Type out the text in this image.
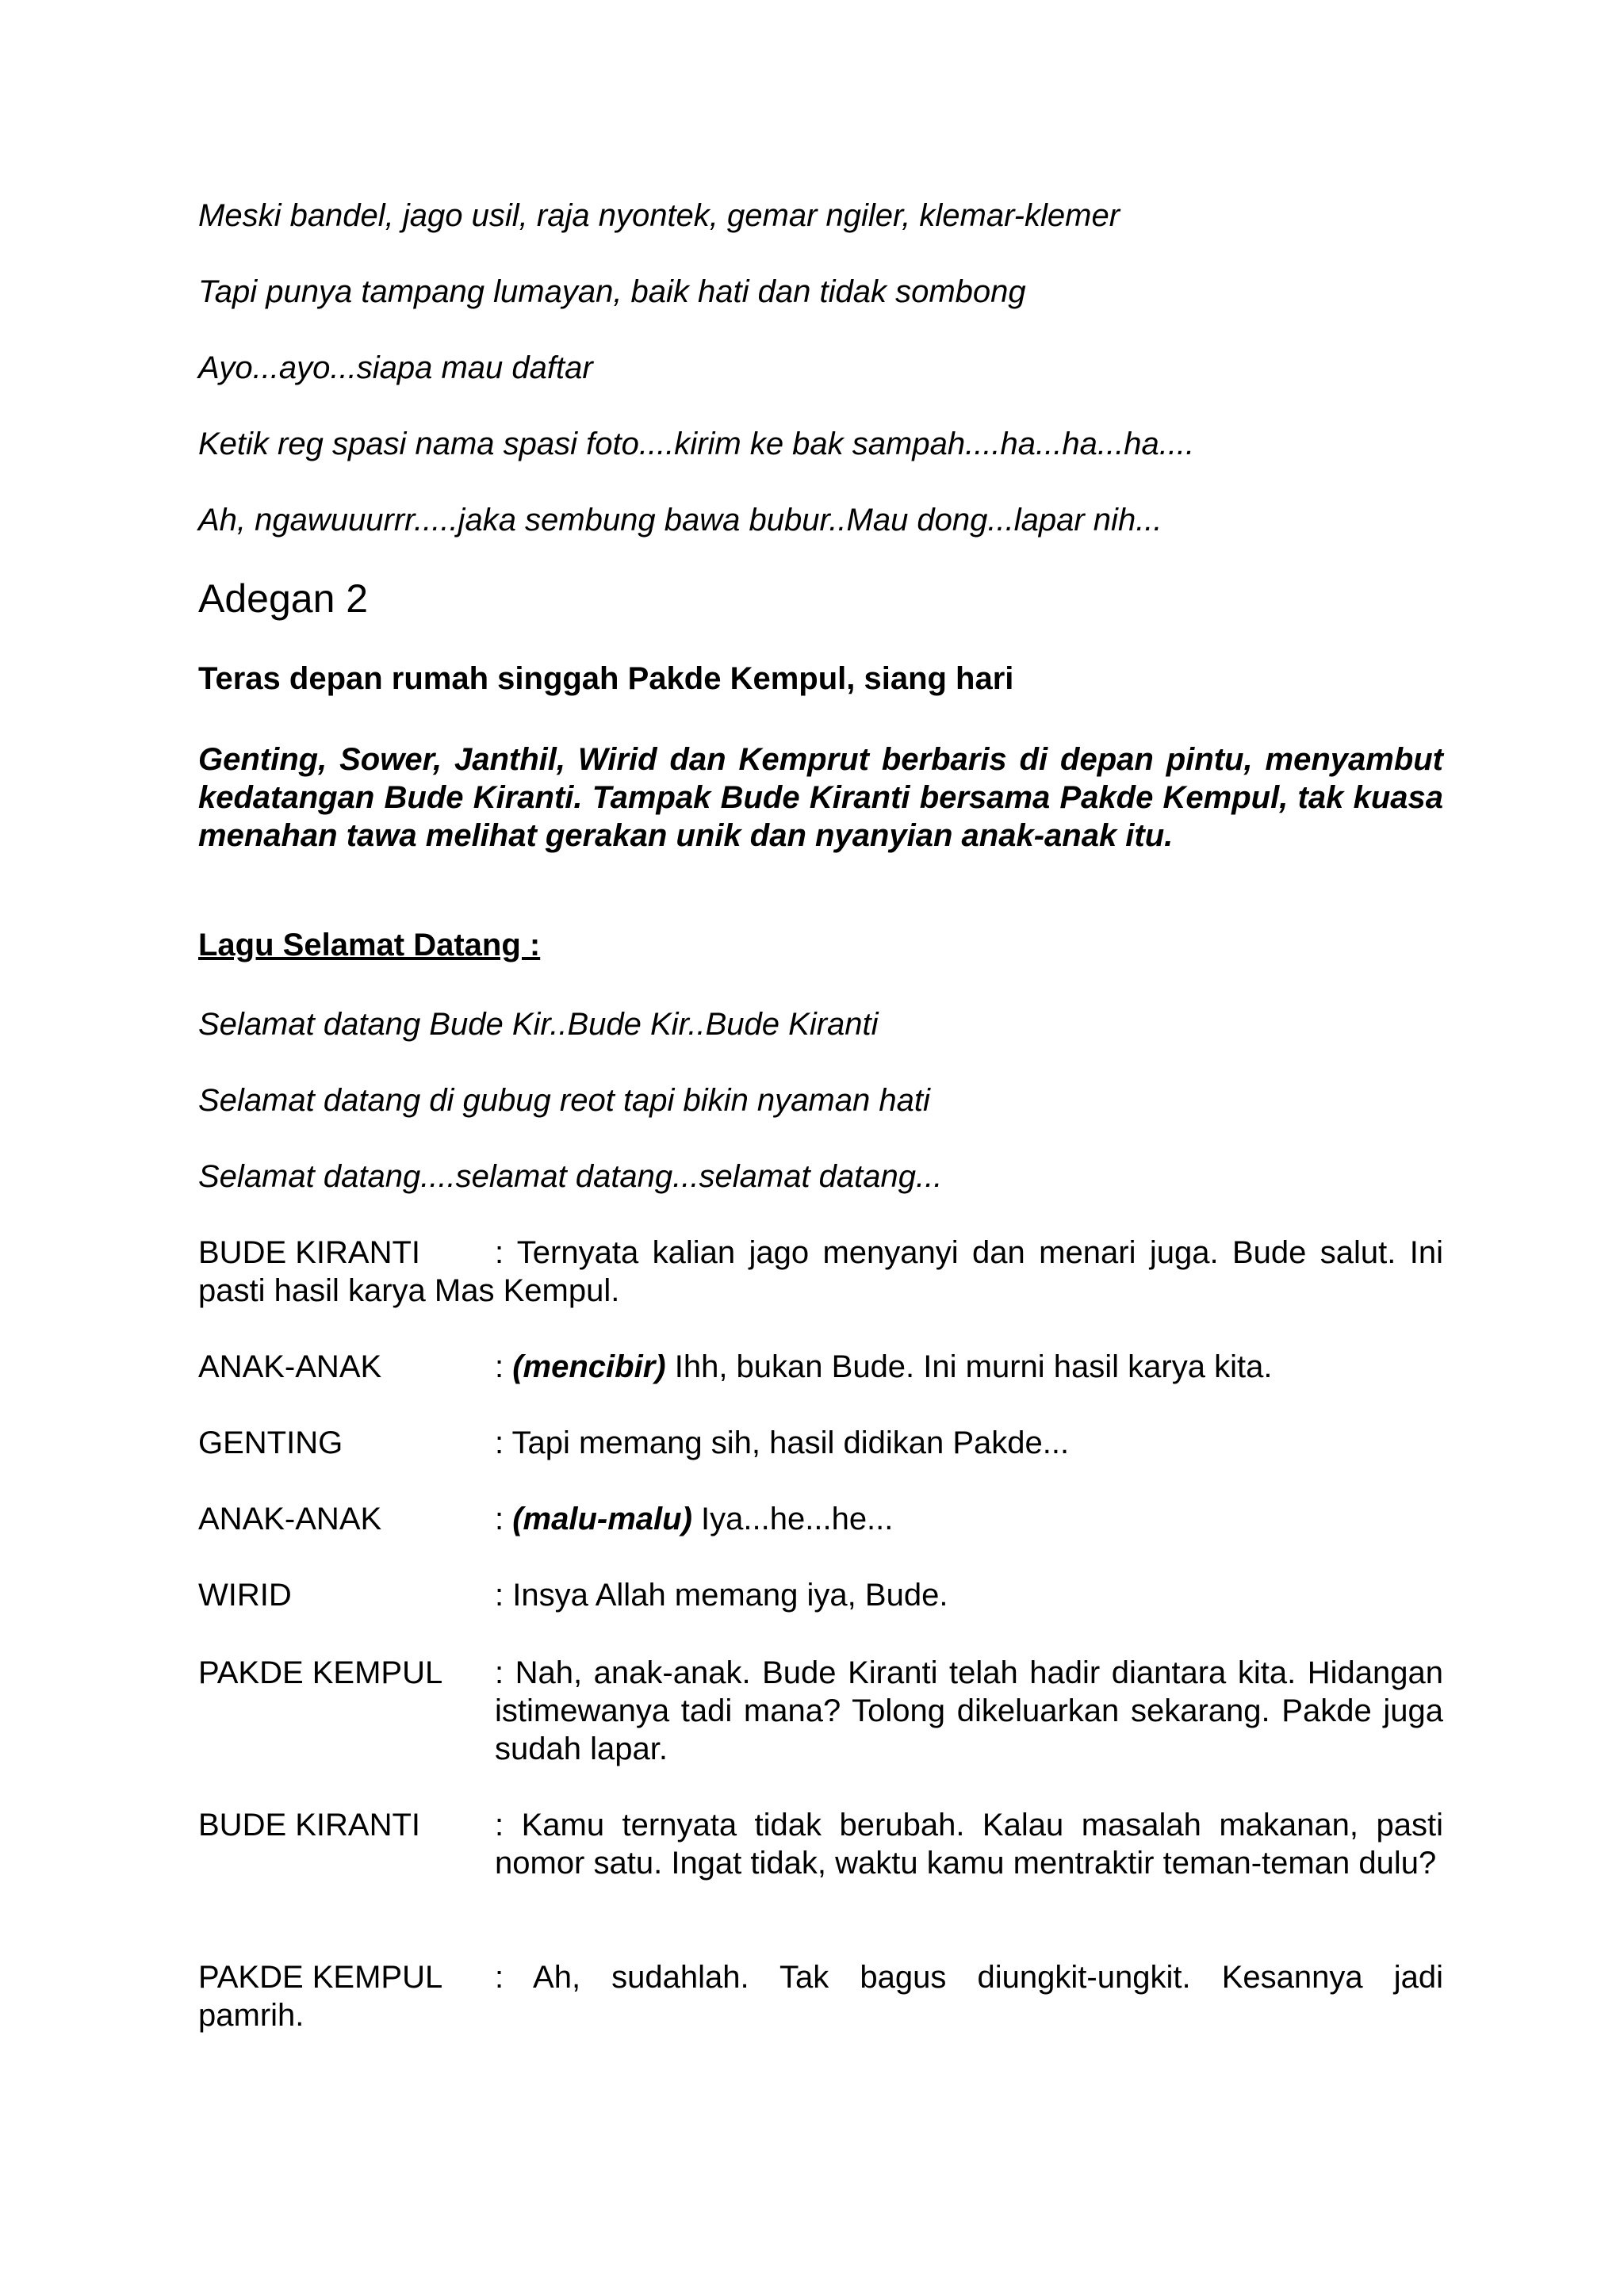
Meski bandel, jago usil, raja nyontek, gemar ngiler, klemar-klemer
Tapi punya tampang lumayan, baik hati dan tidak sombong
Ayo...ayo...siapa mau daftar
Ketik reg spasi nama spasi foto....kirim ke bak sampah....ha...ha...ha....
Ah, ngawuuurrr.....jaka sembung bawa bubur..Mau dong...lapar nih...
Adegan 2
Teras depan rumah singgah Pakde Kempul, siang hari
Genting, Sower, Janthil, Wirid dan Kemprut berbaris di depan pintu, menyambut kedatangan Bude Kiranti. Tampak Bude Kiranti bersama Pakde Kempul, tak kuasa menahan tawa melihat gerakan unik dan nyanyian anak-anak itu.
Lagu Selamat Datang :
Selamat datang Bude Kir..Bude Kir..Bude Kiranti
Selamat datang di gubug reot tapi bikin nyaman hati
Selamat datang....selamat datang...selamat datang...
BUDE KIRANTI : Ternyata kalian jago menyanyi dan menari juga. Bude salut. Ini
pasti hasil karya Mas Kempul.
ANAK-ANAK	: (mencibir) Ihh, bukan Bude. Ini murni hasil karya kita.
GENTING	: Tapi memang sih, hasil didikan Pakde...
ANAK-ANAK	: (malu-malu) Iya...he...he...
WIRID	: Insya Allah memang iya, Bude.
PAKDE KEMPUL : Nah, anak-anak. Bude Kiranti telah hadir diantara kita. Hidangan istimewanya tadi mana? Tolong dikeluarkan sekarang. Pakde juga sudah lapar.
BUDE KIRANTI : Kamu ternyata tidak berubah. Kalau masalah makanan, pasti nomor satu. Ingat tidak, waktu kamu mentraktir teman-teman dulu?
PAKDE KEMPUL : Ah, sudahlah. Tak bagus diungkit-ungkit. Kesannya jadi
pamrih.
